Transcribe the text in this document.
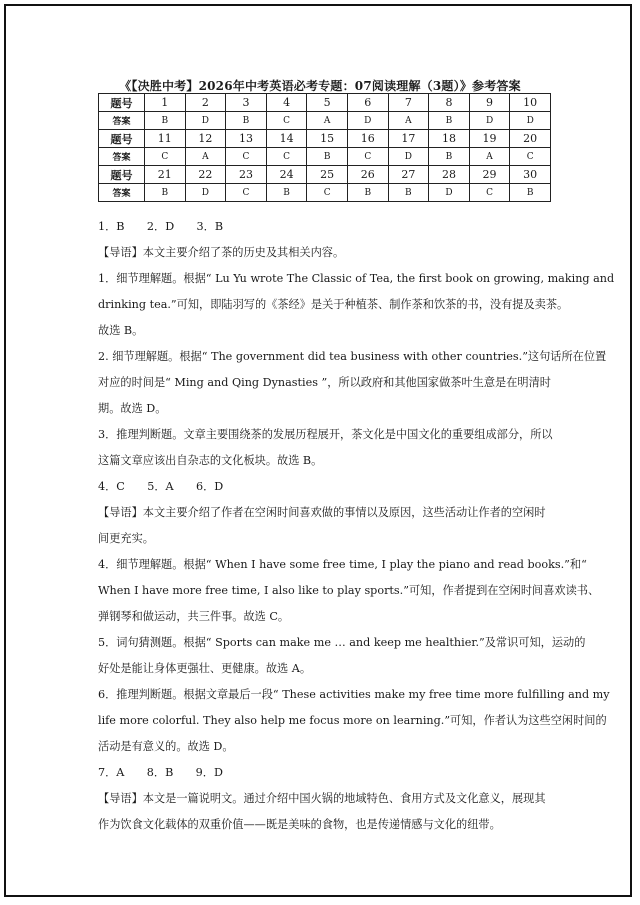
《【决胜中考】2026年中考英语必考专题：07阅读理解（3题）》参考答案
题号	1	2	3	4	5	6	7	8	9	10
答案	B	D	B	C	A	D	A	B	D	D
题号	11	12	13	14	15	16	17	18	19	20
答案	C	A	C	C	B	C	D	B	A	C
题号	21	22	23	24	25	26	27	28	29	30
答案	B	D	C	B	C	B	B	D	C	B

1．B　　2．D　　3．B

【导语】本文主要介绍了茶的历史及其相关内容。

1．细节理解题。根据“ Lu Yu wrote The Classic of Tea, the first book on growing, making and

drinking tea.”可知，即陆羽写的《茶经》是关于种植茶、制作茶和饮茶的书，没有提及卖茶。

故选 B。

2. 细节理解题。根据“ The government did tea business with other countries.”这句话所在位置

对应的时间是“ Ming and Qing Dynasties ”，所以政府和其他国家做茶叶生意是在明清时

期。故选 D。

3．推理判断题。文章主要围绕茶的发展历程展开，茶文化是中国文化的重要组成部分，所以

这篇文章应该出自杂志的文化板块。故选 B。

4．C　　5．A　　6．D

【导语】本文主要介绍了作者在空闲时间喜欢做的事情以及原因，这些活动让作者的空闲时

间更充实。

4．细节理解题。根据“ When I have some free time, I play the piano and read books.”和“

When I have more free time, I also like to play sports.”可知，作者提到在空闲时间喜欢读书、

弹钢琴和做运动，共三件事。故选 C。

5．词句猜测题。根据“ Sports can make me … and keep me healthier.”及常识可知，运动的

好处是能让身体更强壮、更健康。故选 A。

6．推理判断题。根据文章最后一段“ These activities make my free time more fulfilling and my

life more colorful. They also help me focus more on learning.”可知，作者认为这些空闲时间的

活动是有意义的。故选 D。

7．A　　8．B　　9．D

【导语】本文是一篇说明文。通过介绍中国火锅的地域特色、食用方式及文化意义，展现其

作为饮食文化载体的双重价值——既是美味的食物，也是传递情感与文化的纽带。
